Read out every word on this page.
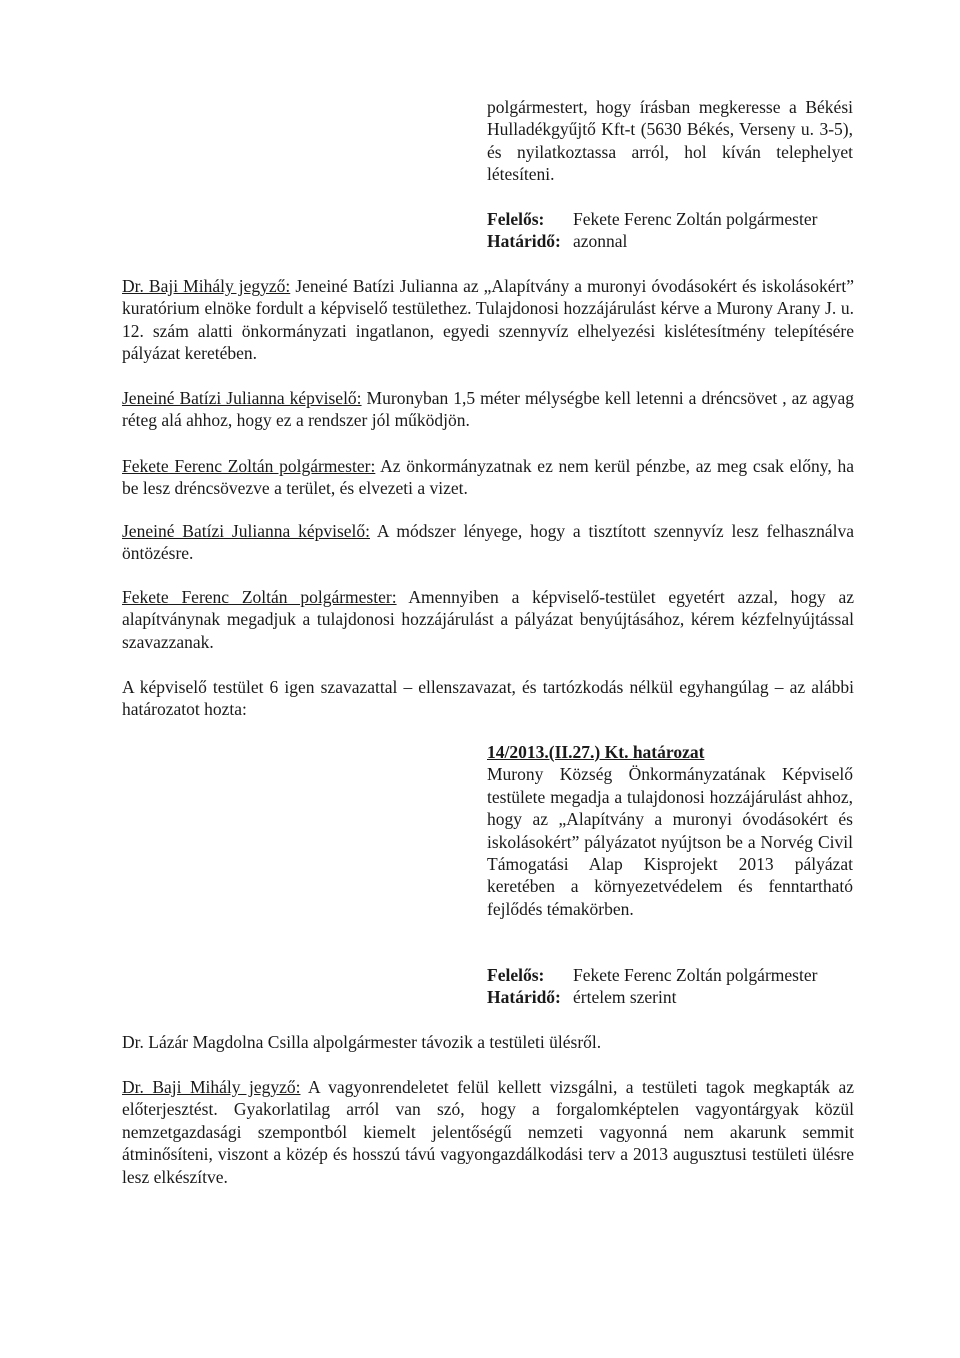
polgármestert, hogy írásban megkeresse a Békési Hulladékgyűjtő Kft-t (5630 Békés, Verseny u. 3-5), és nyilatkoztassa arról, hol kíván telephelyet létesíteni.
Felelős:	Fekete Ferenc Zoltán polgármester
Határidő: azonnal
Dr. Baji Mihály jegyző: Jeneiné Batízi Julianna az „Alapítvány a muronyi óvodásokért és iskolásokért” kuratórium elnöke fordult a képviselő testülethez. Tulajdonosi hozzájárulást kérve a Murony Arany J. u. 12. szám alatti önkormányzati ingatlanon, egyedi szennyvíz elhelyezési kislétesítmény telepítésére pályázat keretében.
Jeneiné Batízi Julianna képviselő: Muronyban 1,5 méter mélységbe kell letenni a dréncsövet , az agyag réteg alá ahhoz, hogy ez a rendszer jól működjön.
Fekete Ferenc Zoltán polgármester: Az önkormányzatnak ez nem kerül pénzbe, az meg csak előny, ha be lesz dréncsövezve a terület, és elvezeti a vizet.
Jeneiné Batízi Julianna képviselő: A módszer lényege, hogy a tisztított szennyvíz lesz felhasználva öntözésre.
Fekete Ferenc Zoltán polgármester: Amennyiben a képviselő-testület egyetért azzal, hogy az alapítványnak megadjuk a tulajdonosi hozzájárulást a pályázat benyújtásához, kérem kézfelnyújtással szavazzanak.
A képviselő testület 6 igen szavazattal – ellenszavazat, és tartózkodás nélkül egyhangúlag – az alábbi határozatot hozta:
14/2013.(II.27.) Kt. határozat
Murony Község Önkormányzatának Képviselő testülete megadja a tulajdonosi hozzájárulást ahhoz, hogy az „Alapítvány a muronyi óvodásokért és iskolásokért” pályázatot nyújtson be a Norvég Civil Támogatási Alap Kisprojekt 2013 pályázat keretében a környezetvédelem és fenntartható fejlődés témakörben.
Felelős:	Fekete Ferenc Zoltán polgármester
Határidő: értelem szerint
Dr. Lázár Magdolna Csilla alpolgármester távozik a testületi ülésről.
Dr. Baji Mihály jegyző: A vagyonrendeletet felül kellett vizsgálni, a testületi tagok megkapták az előterjesztést. Gyakorlatilag arról van szó, hogy a forgalomképtelen vagyontárgyak közül nemzetgazdasági szempontból kiemelt jelentőségű nemzeti vagyonná nem akarunk semmit átminősíteni, viszont a közép és hosszú távú vagyongazdálkodási terv a 2013 augusztusi testületi ülésre lesz elkészítve.
